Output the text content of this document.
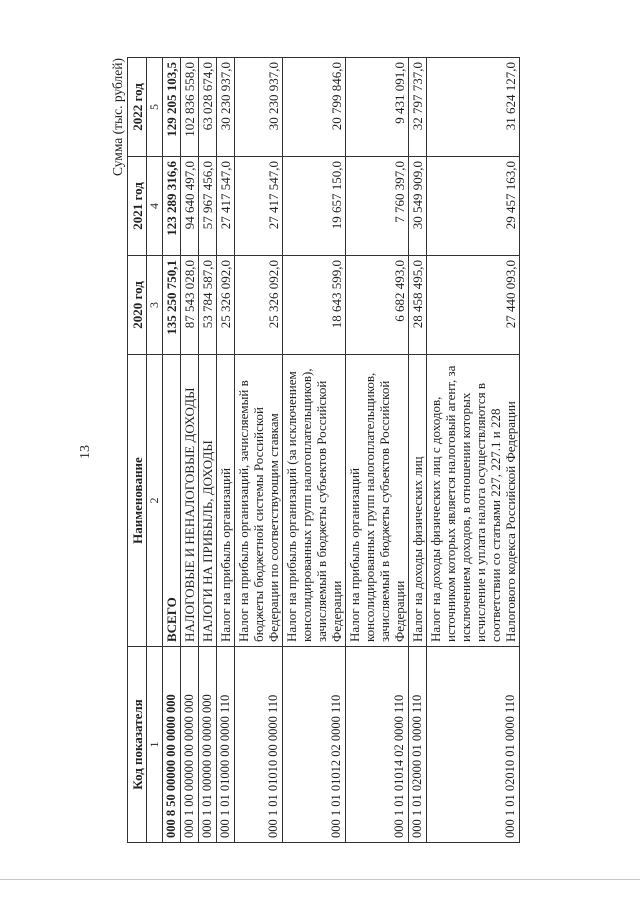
13
Сумма (тыс. рублей)
Код показателя	Наименование	2020 год	2021 год	2022 год
1	2	3	4	5
000 8 50 00000 00 0000 000	ВСЕГО	135 250 750,1	123 289 316,6	129 205 103,5
000 1 00 00000 00 0000 000	НАЛОГОВЫЕ И НЕНАЛОГОВЫЕ ДОХОДЫ	87 543 028,0	94 640 497,0	102 836 558,0
000 1 01 00000 00 0000 000	НАЛОГИ НА ПРИБЫЛЬ, ДОХОДЫ	53 784 587,0	57 967 456,0	63 028 674,0
000 1 01 01000 00 0000 110	Налог на прибыль организаций	25 326 092,0	27 417 547,0	30 230 937,0
000 1 01 01010 00 0000 110	Налог на прибыль организаций, зачисляемый в бюджеты бюджетной системы Российской Федерации по соответствующим ставкам	25 326 092,0	27 417 547,0	30 230 937,0
000 1 01 01012 02 0000 110	Налог на прибыль организаций (за исключением консолидированных групп налогоплательщиков), зачисляемый в бюджеты субъектов Российской Федерации	18 643 599,0	19 657 150,0	20 799 846,0
000 1 01 01014 02 0000 110	Налог на прибыль организаций консолидированных групп налогоплательщиков, зачисляемый в бюджеты субъектов Российской Федерации	6 682 493,0	7 760 397,0	9 431 091,0
000 1 01 02000 01 0000 110	Налог на доходы физических лиц	28 458 495,0	30 549 909,0	32 797 737,0
000 1 01 02010 01 0000 110	Налог на доходы физических лиц с доходов, источником которых является налоговый агент, за исключением доходов, в отношении которых исчисление и уплата налога осуществляются в соответствии со статьями 227, 227.1 и 228 Налогового кодекса Российской Федерации	27 440 093,0	29 457 163,0	31 624 127,0
